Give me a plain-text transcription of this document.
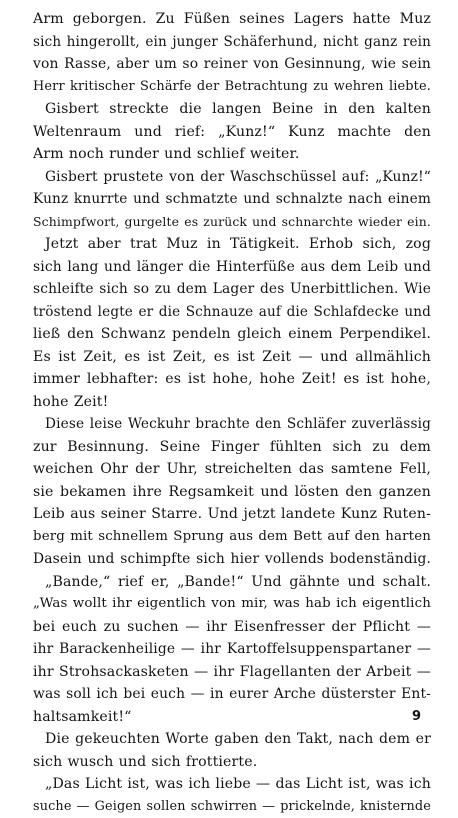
Arm geborgen. Zu Füßen seines Lagers hatte Muz
sich hingerollt, ein junger Schäferhund, nicht ganz rein
von Rasse, aber um so reiner von Gesinnung, wie sein
Herr kritischer Schärfe der Betrachtung zu wehren liebte.
Gisbert streckte die langen Beine in den kalten
Weltenraum und rief: „Kunz!“ Kunz machte den
Arm noch runder und schlief weiter.
Gisbert prustete von der Waschschüssel auf: „Kunz!“
Kunz knurrte und schmatzte und schnalzte nach einem
Schimpfwort, gurgelte es zurück und schnarchte wieder ein.
Jetzt aber trat Muz in Tätigkeit. Erhob sich, zog
sich lang und länger die Hinterfüße aus dem Leib und
schleifte sich so zu dem Lager des Unerbittlichen. Wie
tröstend legte er die Schnauze auf die Schlafdecke und
ließ den Schwanz pendeln gleich einem Perpendikel.
Es ist Zeit, es ist Zeit, es ist Zeit — und allmählich
immer lebhafter: es ist hohe, hohe Zeit! es ist hohe,
hohe Zeit!
Diese leise Weckuhr brachte den Schläfer zuverlässig
zur Besinnung. Seine Finger fühlten sich zu dem
weichen Ohr der Uhr, streichelten das samtene Fell,
sie bekamen ihre Regsamkeit und lösten den ganzen
Leib aus seiner Starre. Und jetzt landete Kunz Ruten-
berg mit schnellem Sprung aus dem Bett auf den harten
Dasein und schimpfte sich hier vollends bodenständig.
„Bande,“ rief er, „Bande!“ Und gähnte und schalt.
„Was wollt ihr eigentlich von mir, was hab ich eigentlich
bei euch zu suchen — ihr Eisenfresser der Pflicht —
ihr Barackenheilige — ihr Kartoffelsuppenspartaner —
ihr Strohsackasketen — ihr Flagellanten der Arbeit —
was soll ich bei euch — in eurer Arche düsterster Ent-
haltsamkeit!“
Die gekeuchten Worte gaben den Takt, nach dem er
sich wusch und sich frottierte.
„Das Licht ist, was ich liebe — das Licht ist, was ich
suche — Geigen sollen schwirren — prickelnde, knisternde
9
